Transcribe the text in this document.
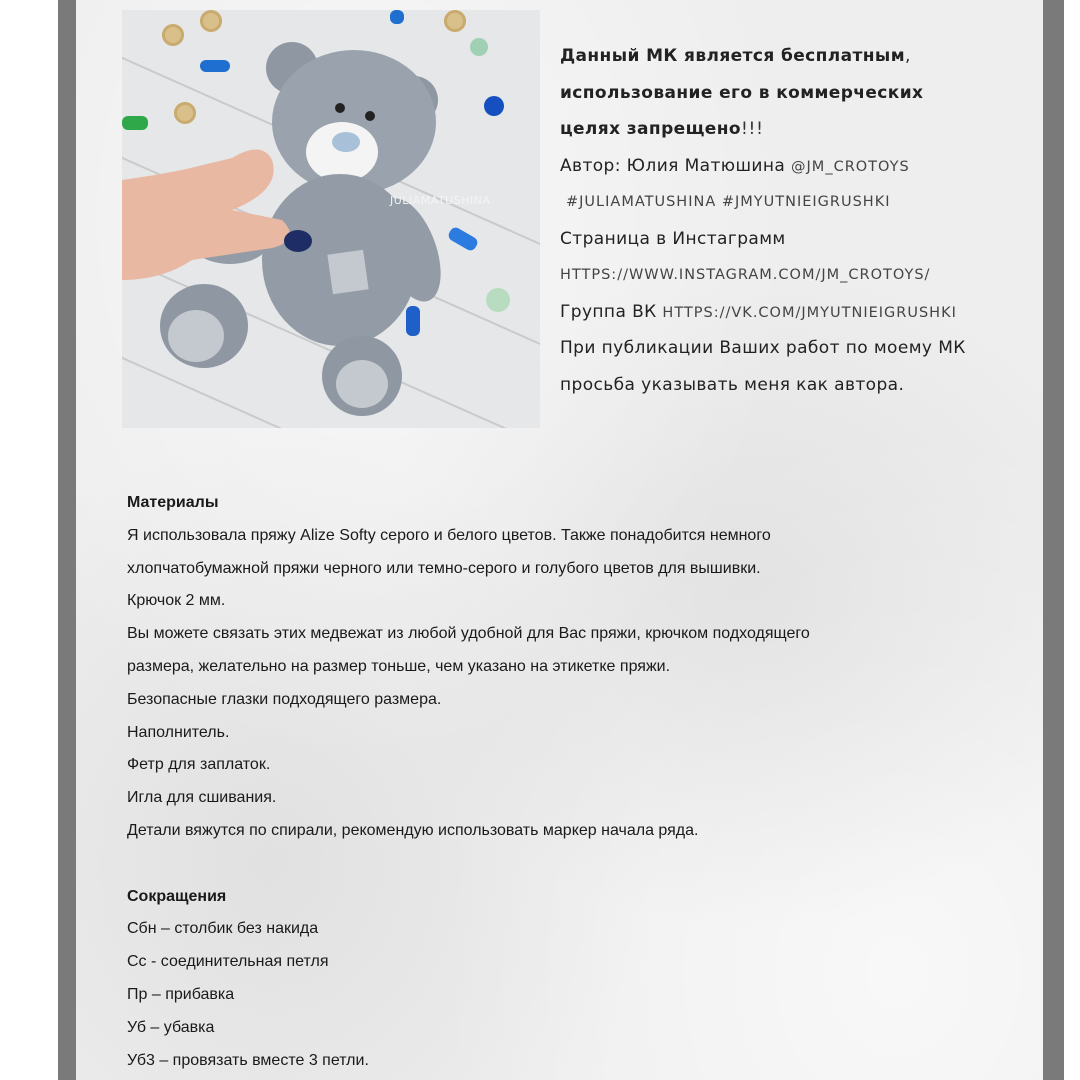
JULIAMATUSHINA
Данный МК является бесплатным,
использование его в коммерческих
целях запрещено!!!
Автор: Юлия Матюшина @JM_CROTOYS
#JULIAMATUSHINA #JMYUTNIEIGRUSHKI
Страница в Инстаграмм
HTTPS://WWW.INSTAGRAM.COM/JM_CROTOYS/
Группа ВК HTTPS://VK.COM/JMYUTNIEIGRUSHKI
При публикации Ваших работ по моему МК
просьба указывать меня как автора.
Материалы
Я использовала пряжу Alize Softy серого и белого цветов. Также понадобится немного
хлопчатобумажной пряжи черного или темно-серого и голубого цветов для вышивки.
Крючок 2 мм.
Вы можете связать этих медвежат из любой удобной для Вас пряжи, крючком подходящего
размера, желательно на размер тоньше, чем указано на этикетке пряжи.
Безопасные глазки подходящего размера.
Наполнитель.
Фетр для заплаток.
Игла для сшивания.
Детали вяжутся по спирали, рекомендую использовать маркер начала ряда.
Сокращения
Сбн – столбик без накида
Сс - соединительная петля
Пр – прибавка
Уб – убавка
Уб3 – провязать вместе 3 петли.
